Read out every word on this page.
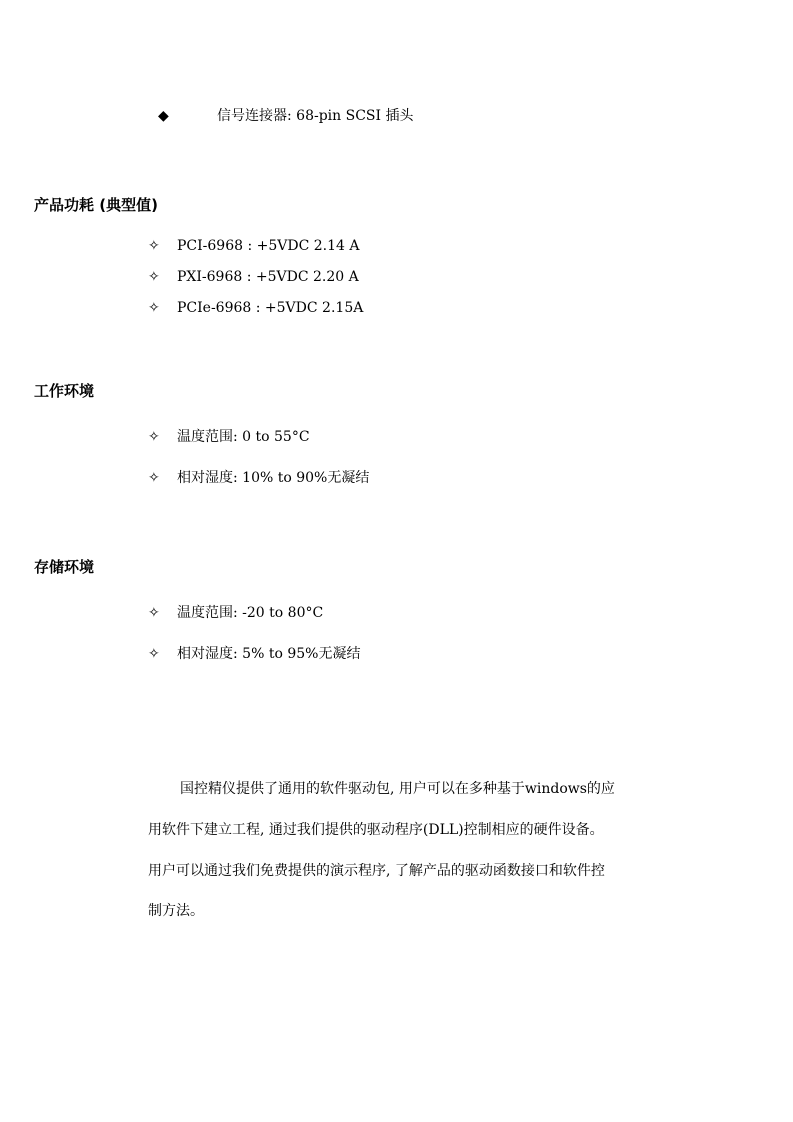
◆	信号连接器: 68-pin SCSI 插头
产品功耗 (典型值)
✧ PCI-6968 : +5VDC 2.14 A
✧ PXI-6968 : +5VDC 2.20 A
✧ PCIe-6968 : +5VDC 2.15A
工作环境
✧ 温度范围: 0 to 55°C
✧ 相对湿度: 10% to 90%无凝结
存储环境
✧ 温度范围: -20 to 80°C
✧ 相对湿度: 5% to 95%无凝结
国控精仪提供了通用的软件驱动包, 用户可以在多种基于windows的应
用软件下建立工程, 通过我们提供的驱动程序(DLL)控制相应的硬件设备。
用户可以通过我们免费提供的演示程序, 了解产品的驱动函数接口和软件控
制方法。
